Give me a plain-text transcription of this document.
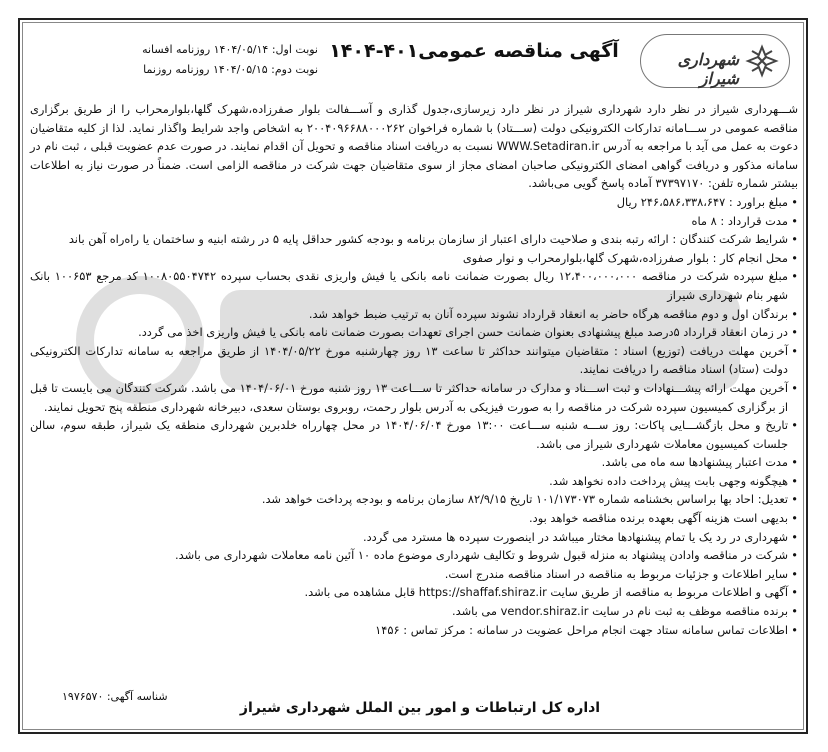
شهرداری شیراز
آگهی مناقصه عمومی۴۰۱-۱۴۰۴
نوبت اول: ۱۴۰۴/۰۵/۱۴ روزنامه افسانه
نوبت دوم: ۱۴۰۴/۰۵/۱۵ روزنامه روزنما

شـــهرداری شیراز در نظر دارد شهرداری شیراز در نظر دارد زیرسازی،جدول گذاری و آســـفالت بلوار صفرزاده،شهرک گلها،بلوارمحراب را از طریق برگزاری مناقصه عمومی در ســـامانه تدارکات الکترونیکی دولت (ســـتاد) با شماره فراخوان ۲۰۰۴۰۹۶۶۸۸۰۰۰۲۶۲ به اشخاص واجد شرایط واگذار نماید. لذا از کلیه متقاضیان دعوت به عمل می آید با مراجعه به آدرس WWW.Setadiran.ir نسبت به دریافت اسناد مناقصه و تحویل آن اقدام نمایند. در صورت عدم عضویت قبلی ، ثبت نام در سامانه مذکور و دریافت گواهی امضای الکترونیکی صاحبان امضای مجاز از سوی متقاضیان جهت شرکت در مناقصه الزامی است. ضمناً در صورت نیاز به اطلاعات بیشتر شماره تلفن: ۳۷۳۹۷۱۷۰ آماده پاسخ گویی می‌باشد.

• مبلغ براورد : ۲۴۶،۵۸۶،۳۳۸،۶۴۷ ریال

• مدت قرارداد : ۸ ماه

• شرایط شرکت کنندگان : ارائه رتبه بندی و صلاحیت دارای اعتبار از سازمان برنامه و بودجه کشور حداقل پایه ۵ در رشته ابنیه و ساختمان یا راه‌راه آهن باند

• محل انجام کار : بلوار صفرزاده،شهرک گلها،بلوارمحراب و نوار صفوی

• مبلغ سپرده شرکت در مناقصه ۱۲،۴۰۰،۰۰۰،۰۰۰ ریال بصورت ضمانت نامه بانکی یا فیش واریزی نقدی بحساب سپرده ۱۰۰۸۰۵۵۰۴۷۴۲ کد مرجع ۱۰۰۶۵۳ بانک شهر بنام شهرداری شیراز

• برندگان اول و دوم مناقصه هرگاه حاضر به انعقاد قرارداد نشوند سپرده آنان به ترتیب ضبط خواهد شد.

• در زمان انعقاد قرارداد ۵درصد مبلغ پیشنهادی بعنوان ضمانت حسن اجرای تعهدات بصورت ضمانت نامه بانکی یا فیش واریزی اخذ می گردد.

• آخرین مهلت دریافت (توزیع) اسناد : متقاضیان میتوانند حداکثر تا ساعت ۱۳ روز چهارشنبه مورخ ۱۴۰۴/۰۵/۲۲ از طریق مراجعه به سامانه تدارکات الکترونیکی دولت (ستاد) اسناد مناقصه را دریافت نمایند.

• آخرین مهلت ارائه پیشـــنهادات و ثبت اســـناد و مدارک در سامانه حداکثر تا ســـاعت ۱۳ روز شنبه مورخ ۱۴۰۴/۰۶/۰۱ می باشد. شرکت کنندگان می بایست تا قبل از برگزاری کمیسیون سپرده شرکت در مناقصه را به صورت فیزیکی به آدرس بلوار رحمت، روبروی بوستان سعدی، دبیرخانه شهرداری منطقه پنج تحویل نمایند.

• تاریخ و محل بازگشـــایی پاکات: روز ســـه شنبه ســـاعت ۱۳:۰۰ مورخ ۱۴۰۴/۰۶/۰۴ در محل چهارراه خلدبرین شهرداری منطقه یک شیراز، طبقه سوم، سالن جلسات کمیسیون معاملات شهرداری شیراز می باشد.

• مدت اعتبار پیشنهادها سه ماه می باشد.

• هیچگونه وجهی بابت پیش پرداخت داده نخواهد شد.

• تعدیل: احاد بها براساس بخشنامه شماره ۱۰۱/۱۷۳۰۷۳ تاریخ ۸۲/۹/۱۵ سازمان برنامه و بودجه پرداخت خواهد شد.

• بدیهی است هزینه آگهی بعهده برنده مناقصه خواهد بود.

• شهرداری در رد یک یا تمام پیشنهادها مختار میباشد در اینصورت سپرده ها مسترد می گردد.

• شرکت در مناقصه وادادن پیشنهاد به منزله قبول شروط و تکالیف شهرداری موضوع ماده ۱۰ آئین نامه معاملات شهرداری می باشد.

• سایر اطلاعات و جزئیات مربوط به مناقصه در اسناد مناقصه مندرج است.

• آگهی و اطلاعات مربوط به مناقصه از طریق سایت https://shaffaf.shiraz.ir قابل مشاهده می باشد.

• برنده مناقصه موظف به ثبت نام در سایت vendor.shiraz.ir می باشد.

• اطلاعات تماس سامانه ستاد جهت انجام مراحل عضویت در سامانه : مرکز تماس : ۱۴۵۶

شناسه آگهی: ۱۹۷۶۵۷۰
اداره کل ارتباطات و امور بین الملل شهرداری شیراز
